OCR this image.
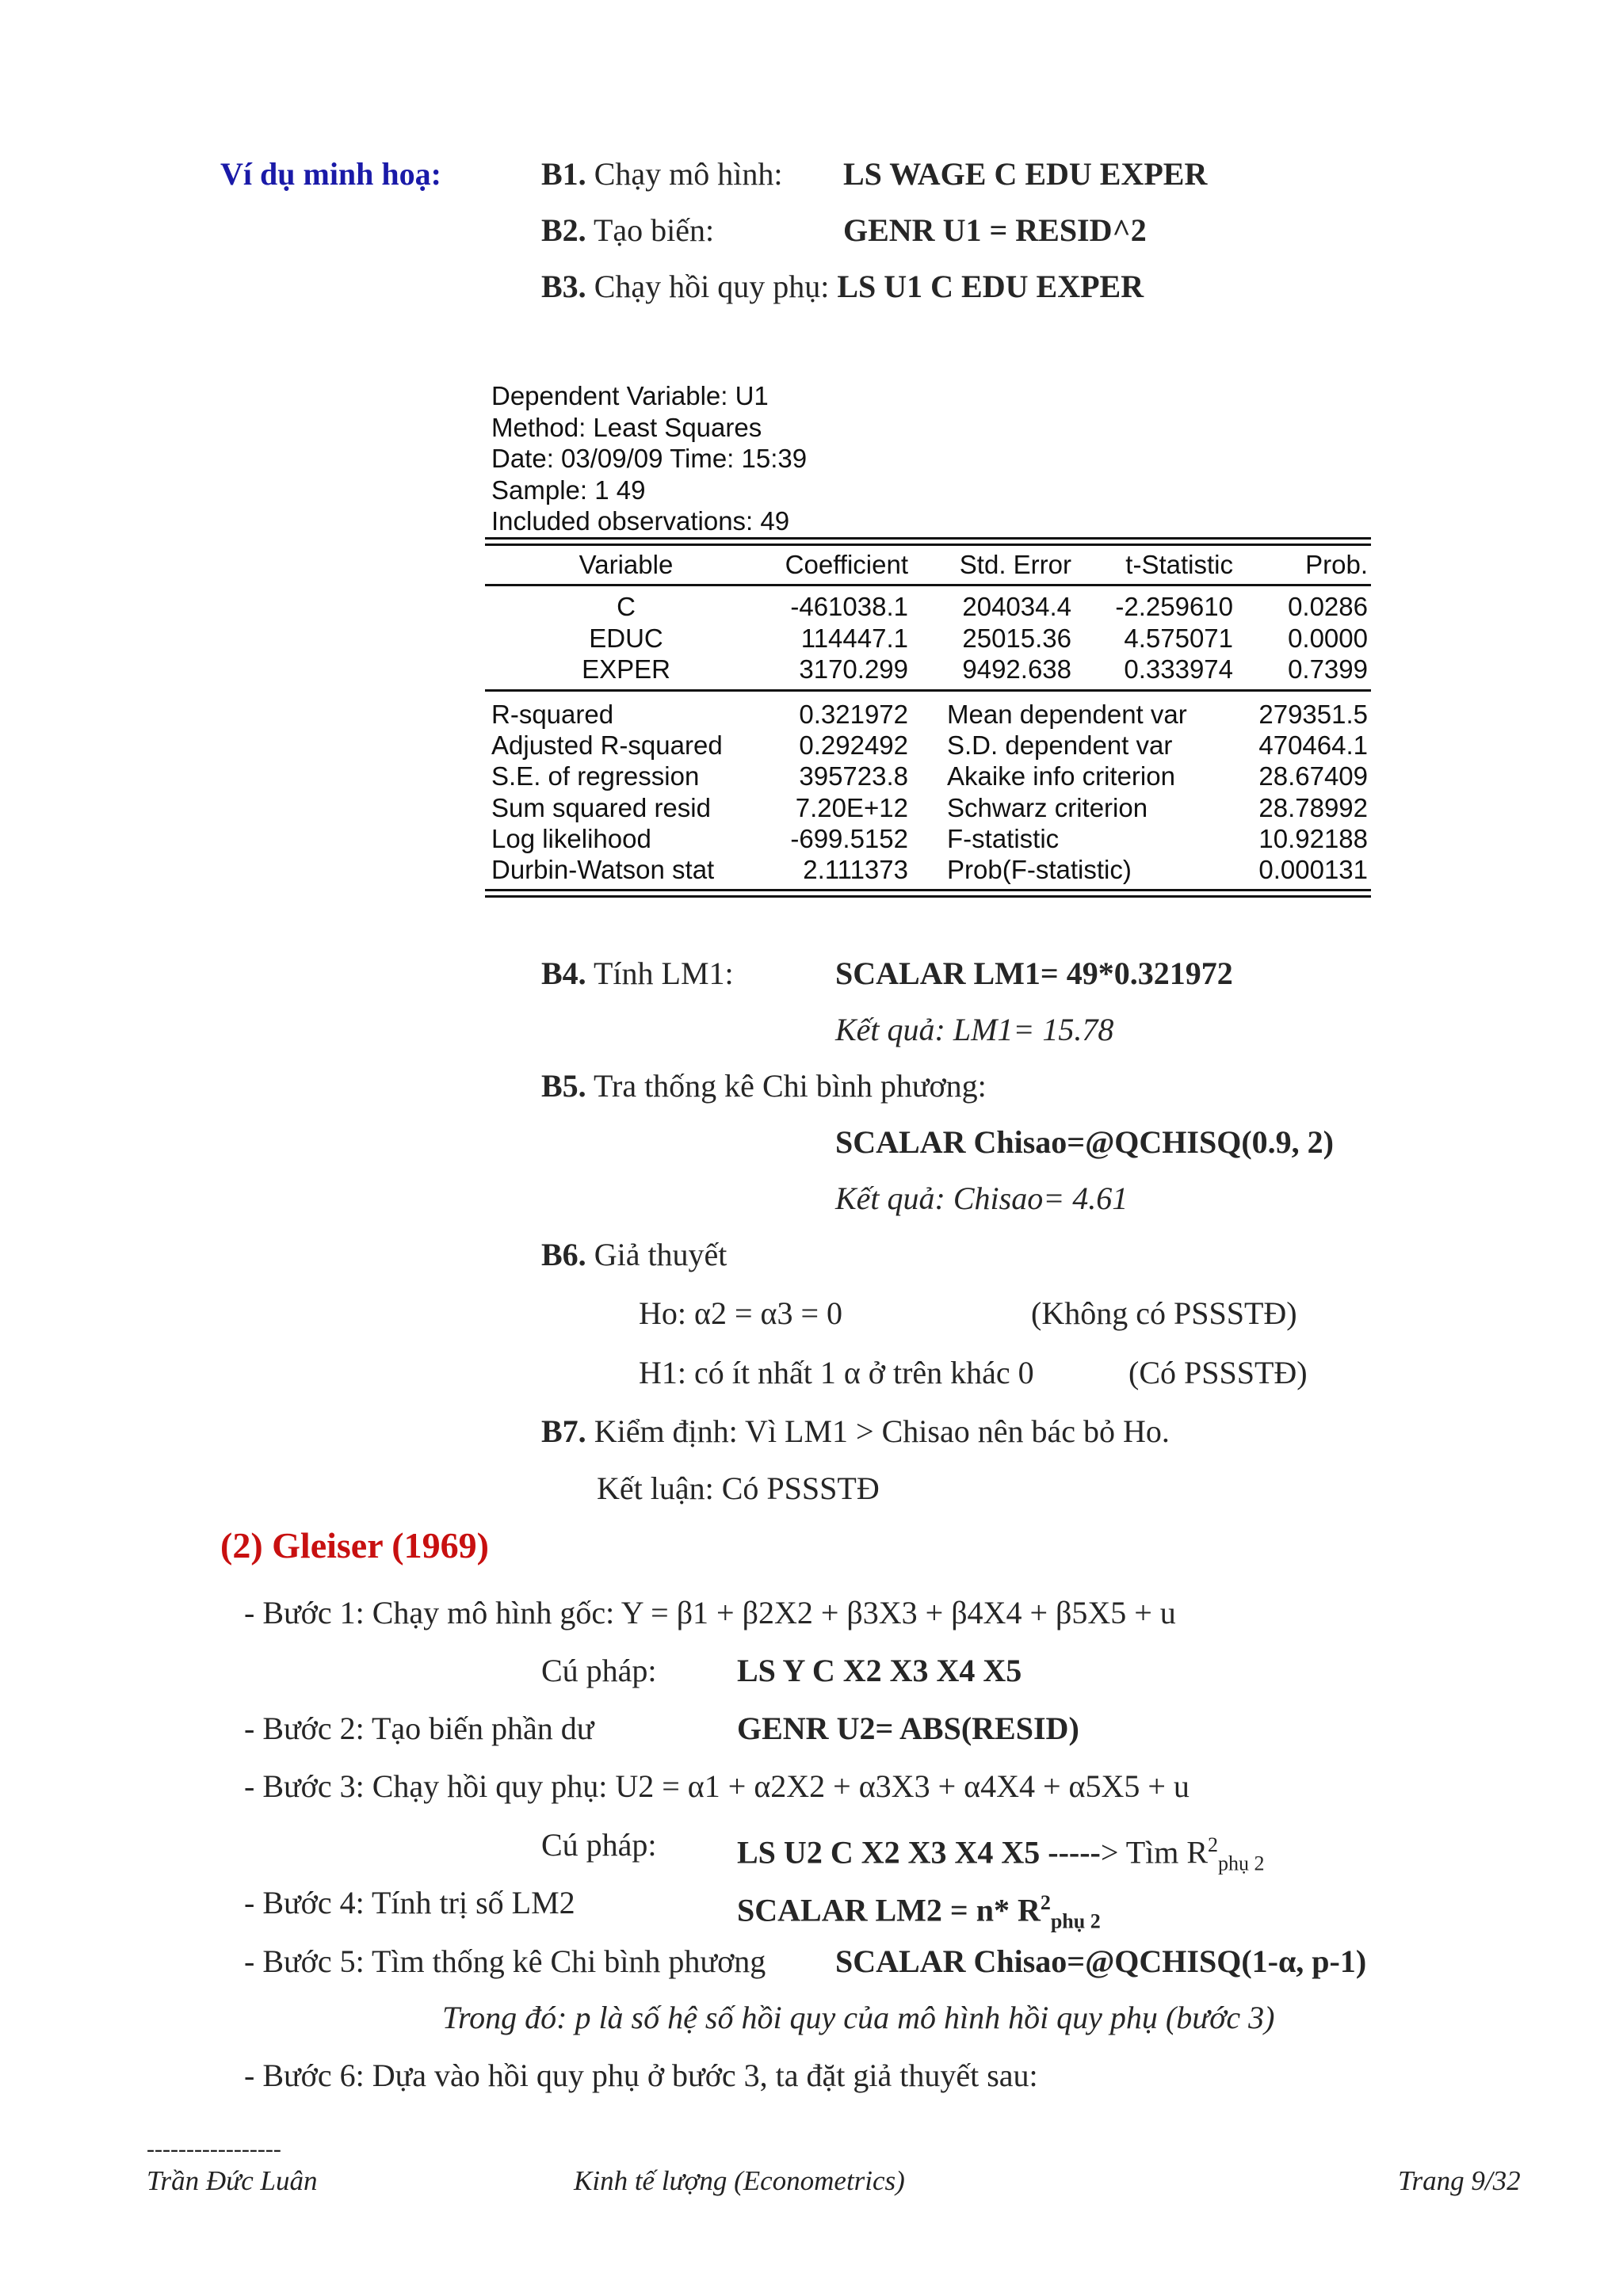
Ví dụ minh hoạ:	B1. Chạy mô hình: LS WAGE C EDU EXPER
B2. Tạo biến:	GENR U1 = RESID^2
B3. Chạy hồi quy phụ: LS U1 C EDU EXPER
Dependent Variable: U1
Method: Least Squares
Date: 03/09/09 Time: 15:39
Sample: 1 49
Included observations: 49
Variable	Coefficient	Std. Error	t-Statistic	Prob.
C	-461038.1	204034.4	-2.259610	0.0286
EDUC	114447.1	25015.36	4.575071	0.0000
EXPER	3170.299	9492.638	0.333974	0.7399
R-squared	0.321972 Mean dependent var	279351.5
Adjusted R-squared	0.292492 S.D. dependent var	470464.1
S.E. of regression	395723.8 Akaike info criterion	28.67409
Sum squared resid	7.20E+12 Schwarz criterion	28.78992
Log likelihood	-699.5152 F-statistic	10.92188
Durbin-Watson stat	2.111373 Prob(F-statistic)	0.000131
B4. Tính LM1:	SCALAR LM1= 49*0.321972
Kết quả: LM1= 15.78
B5. Tra thống kê Chi bình phương:
SCALAR Chisao=@QCHISQ(0.9, 2)
Kết quả: Chisao= 4.61
B6. Giả thuyết
Ho: α2 = α3 = 0	(Không có PSSSTĐ)
H1: có ít nhất 1 α ở trên khác 0	(Có PSSSTĐ)
B7. Kiểm định: Vì LM1 > Chisao nên bác bỏ Ho.
Kết luận: Có PSSSTĐ
(2) Gleiser (1969)
- Bước 1: Chạy mô hình gốc: Y = β1 + β2X2 + β3X3 + β4X4 + β5X5 + u
Cú pháp:	LS Y C X2 X3 X4 X5
- Bước 2: Tạo biến phần dư	GENR U2= ABS(RESID)
- Bước 3: Chạy hồi quy phụ: U2 = α1 + α2X2 + α3X3 + α4X4 + α5X5 + u
Cú pháp:	LS U2 C X2 X3 X4 X5 -----> Tìm $R^2_{phụ 2}$
- Bước 4: Tính trị số LM2	SCALAR LM2 = n* $R^2_{phụ 2}$
- Bước 5: Tìm thống kê Chi bình phương SCALAR Chisao=@QCHISQ(1-α, p-1)
Trong đó: p là số hệ số hồi quy của mô hình hồi quy phụ (bước 3)
- Bước 6: Dựa vào hồi quy phụ ở bước 3, ta đặt giả thuyết sau:
-----------------
Trần Đức Luân	Kinh tế lượng (Econometrics)	Trang 9/32
